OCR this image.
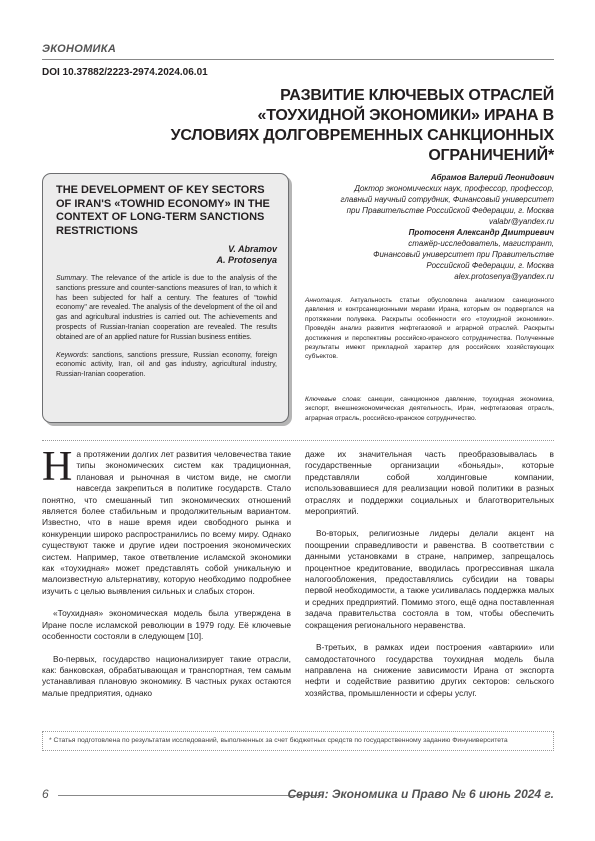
ЭКОНОМИКА
DOI 10.37882/2223-2974.2024.06.01
РАЗВИТИЕ КЛЮЧЕВЫХ ОТРАСЛЕЙ «ТОУХИДНОЙ ЭКОНОМИКИ» ИРАНА В УСЛОВИЯХ ДОЛГОВРЕМЕННЫХ САНКЦИОННЫХ ОГРАНИЧЕНИЙ*
THE DEVELOPMENT OF KEY SECTORS OF IRAN'S «TOWHID ECONOMY» IN THE CONTEXT OF LONG-TERM SANCTIONS RESTRICTIONS
V. Abramov
A. Protosenya
Summary. The relevance of the article is due to the analysis of the sanctions pressure and counter-sanctions measures of Iran, to which it has been subjected for half a century. The features of "towhid economy" are revealed. The analysis of the development of the oil and gas and agricultural industries is carried out. The achievements and prospects of Russian-Iranian cooperation are revealed. The results obtained are of an applied nature for Russian business entities.
Keywords: sanctions, sanctions pressure, Russian economy, foreign economic activity, Iran, oil and gas industry, agricultural industry, Russian-Iranian cooperation.
Абрамов Валерий Леонидович
Доктор экономических наук, профессор, профессор,
главный научный сотрудник, Финансовый университет
при Правительстве Российской Федерации, г. Москва
valabr@yandex.ru
Протосеня Александр Дмитриевич
стажёр-исследователь, магистрант,
Финансовый университет при Правительстве
Российской Федерации, г. Москва
alex.protosenya@yandex.ru
Аннотация. Актуальность статьи обусловлена анализом санкционного давления и контрсанкционными мерами Ирана, которым он подвергался на протяжении полувека. Раскрыты особенности его «тоухидной экономики». Проведён анализ развития нефтегазовой и аграрной отраслей. Раскрыты достижения и перспективы российско-иранского сотрудничества. Полученные результаты имеют прикладной характер для российских хозяйствующих субъектов.
Ключевые слова: санкции, санкционное давление, тоухидная экономика, экспорт, внешнеэкономическая деятельность, Иран, нефтегазовая отрасль, аграрная отрасль, российско-иранское сотрудничество.

На протяжении долгих лет развития человечества такие типы экономических систем как традиционная, плановая и рыночная в чистом виде, не смогли навсегда закрепиться в политике государств. Стало понятно, что смешанный тип экономических отношений является более стабильным и продолжительным вариантом. Известно, что в наше время идеи свободного рынка и конкуренции широко распространились по всему миру. Однако существуют также и другие идеи построения экономических систем. Например, такое ответвление исламской экономики как «тоухидная» может представлять собой уникальную и малоизвестную альтернативу, которую необходимо подробнее изучить с целью выявления сильных и слабых сторон.

«Тоухидная» экономическая модель была утверждена в Иране после исламской революции в 1979 году. Её ключевые особенности состояли в следующем [10].

Во-первых, государство национализирует такие отрасли, как: банковская, обрабатывающая и транспортная, тем самым устанавливая плановую экономику. В частных руках остаются малые предприятия, однако

даже их значительная часть преобразовывалась в государственные организации «боньяды», которые представляли собой холдинговые компании, использовавшиеся для реализации новой политики в разных отраслях и поддержки социальных и благотворительных мероприятий.

Во-вторых, религиозные лидеры делали акцент на поощрении справедливости и равенства. В соответствии с данными установками в стране, например, запрещалось процентное кредитование, вводилась прогрессивная шкала налогообложения, предоставлялись субсидии на товары первой необходимости, а также усиливалась поддержка малых и средних предприятий. Помимо этого, ещё одна поставленная задача правительства состояла в том, чтобы обеспечить сокращения регионального неравенства.

В-третьих, в рамках идеи построения «автаркии» или самодостаточного государства тоухидная модель была направлена на снижение зависимости Ирана от экспорта нефти и содействие развитию других секторов: сельского хозяйства, промышленности и сферы услуг.

* Статья подготовлена по результатам исследований, выполненных за счет бюджетных средств по государственному заданию Финуниверситета
6	Серия: Экономика и Право № 6 июнь 2024 г.
